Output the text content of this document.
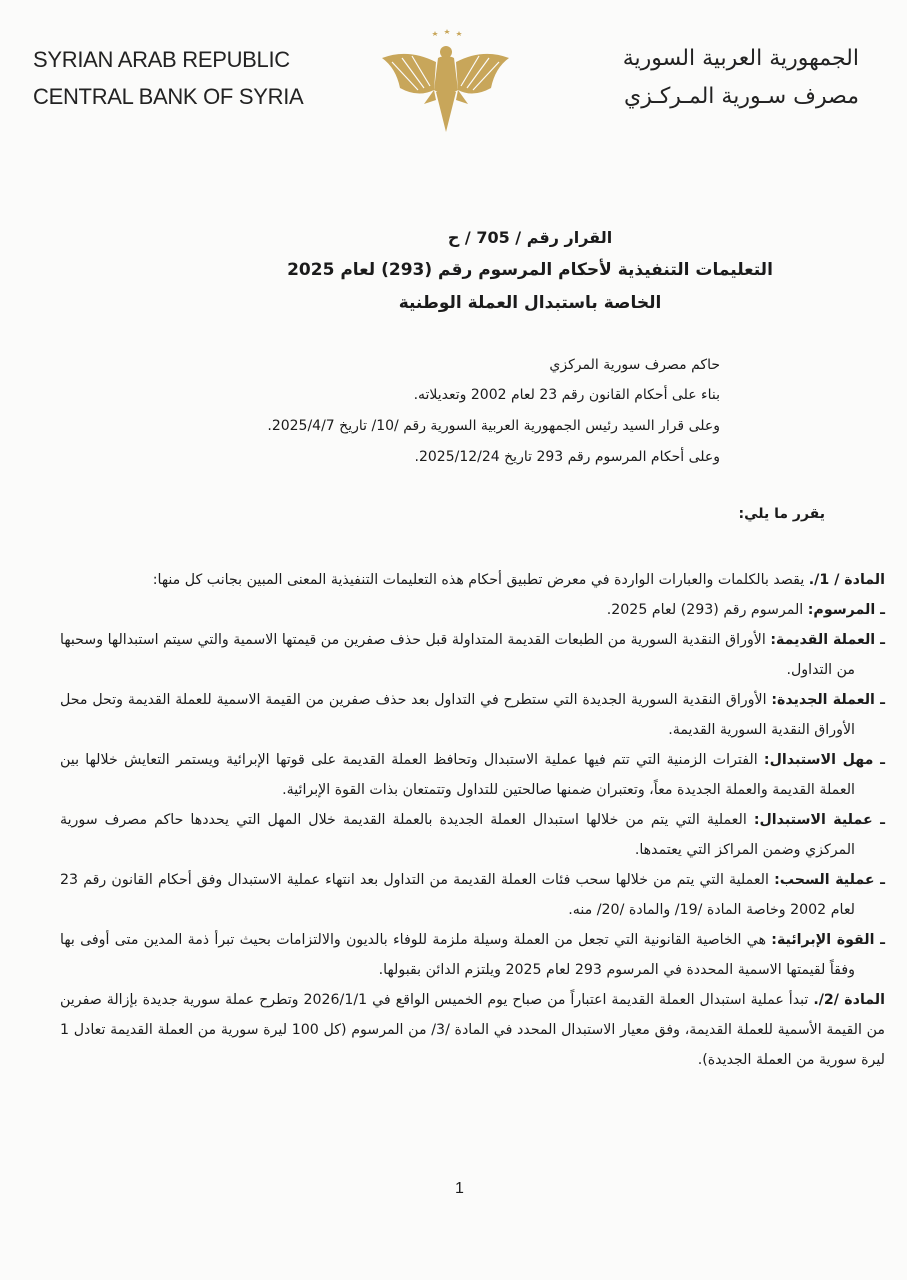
SYRIAN ARAB REPUBLIC
CENTRAL BANK OF SYRIA
الجمهورية العربية السورية
مصرف سـورية المـركـزي
القرار رقم / 705 / ح
التعليمات التنفيذية لأحكام المرسوم رقم (293) لعام 2025
الخاصة باستبدال العملة الوطنية
حاكم مصرف سورية المركزي
بناء على أحكام القانون رقم 23 لعام 2002 وتعديلاته.
وعلى قرار السيد رئيس الجمهورية العربية السورية رقم /10/ تاريخ 2025/4/7.
وعلى أحكام المرسوم رقم 293 تاريخ 2025/12/24.
يقرر ما يلي:

المادة / 1/. يقصد بالكلمات والعبارات الواردة في معرض تطبيق أحكام هذه التعليمات التنفيذية المعنى المبين بجانب كل منها:

ـ المرسوم: المرسوم رقم (293) لعام 2025.

ـ العملة القديمة: الأوراق النقدية السورية من الطبعات القديمة المتداولة قبل حذف صفرين من قيمتها الاسمية والتي سيتم استبدالها وسحبها من التداول.

ـ العملة الجديدة: الأوراق النقدية السورية الجديدة التي ستطرح في التداول بعد حذف صفرين من القيمة الاسمية للعملة القديمة وتحل محل الأوراق النقدية السورية القديمة.

ـ مهل الاستبدال: الفترات الزمنية التي تتم فيها عملية الاستبدال وتحافظ العملة القديمة على قوتها الإبرائية ويستمر التعايش خلالها بين العملة القديمة والعملة الجديدة معاً، وتعتبران ضمنها صالحتين للتداول وتتمتعان بذات القوة الإبرائية.

ـ عملية الاستبدال: العملية التي يتم من خلالها استبدال العملة الجديدة بالعملة القديمة خلال المهل التي يحددها حاكم مصرف سورية المركزي وضمن المراكز التي يعتمدها.

ـ عملية السحب: العملية التي يتم من خلالها سحب فئات العملة القديمة من التداول بعد انتهاء عملية الاستبدال وفق أحكام القانون رقم 23 لعام 2002 وخاصة المادة /19/ والمادة /20/ منه.

ـ القوة الإبرائية: هي الخاصية القانونية التي تجعل من العملة وسيلة ملزمة للوفاء بالديون والالتزامات بحيث تبرأ ذمة المدين متى أوفى بها وفقاً لقيمتها الاسمية المحددة في المرسوم 293 لعام 2025 ويلتزم الدائن بقبولها.

المادة /2/. تبدأ عملية استبدال العملة القديمة اعتباراً من صباح يوم الخميس الواقع في 2026/1/1 وتطرح عملة سورية جديدة بإزالة صفرين من القيمة الأسمية للعملة القديمة، وفق معيار الاستبدال المحدد في المادة /3/ من المرسوم (كل 100 ليرة سورية من العملة القديمة تعادل 1 ليرة سورية من العملة الجديدة).

1
